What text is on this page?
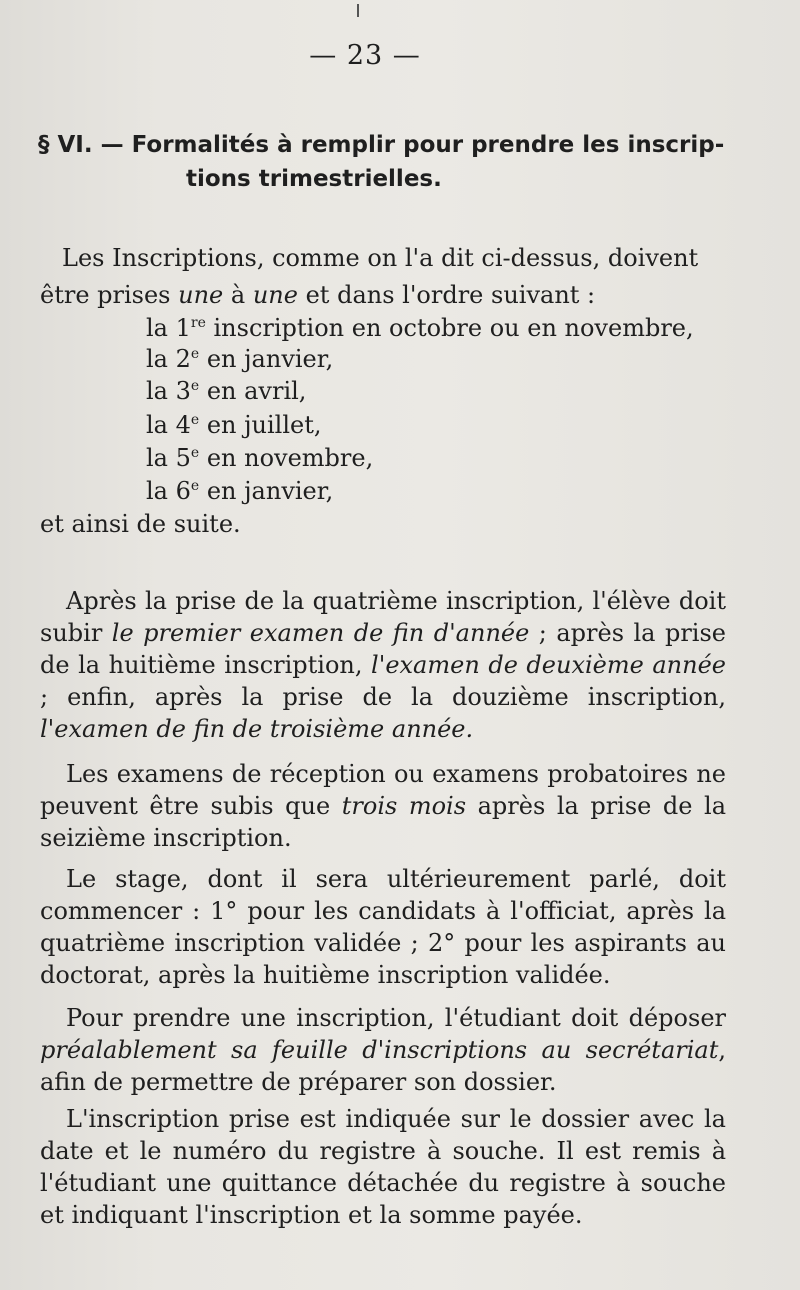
— 23 —
§ VI. — Formalités à remplir pour prendre les inscrip-
tions trimestrielles.
Les Inscriptions, comme on l'a dit ci-dessus, doivent
être prises une à une et dans l'ordre suivant :
la 1re inscription en octobre ou en novembre,
la 2e en janvier,
la 3e en avril,
la 4e en juillet,
la 5e en novembre,
la 6e en janvier,
et ainsi de suite.
Après la prise de la quatrième inscription, l'élève doit subir le premier examen de fin d'année ; après la prise de la huitième inscription, l'examen de deuxième année ; enfin, après la prise de la douzième inscription, l'examen de fin de troisième année.
Les examens de réception ou examens probatoires ne peuvent être subis que trois mois après la prise de la seizième inscription.
Le stage, dont il sera ultérieurement parlé, doit commencer : 1° pour les candidats à l'officiat, après la quatrième inscription validée ; 2° pour les aspirants au doctorat, après la huitième inscription validée.
Pour prendre une inscription, l'étudiant doit déposer préalablement sa feuille d'inscriptions au secrétariat, afin de permettre de préparer son dossier.
L'inscription prise est indiquée sur le dossier avec la date et le numéro du registre à souche. Il est remis à l'étudiant une quittance détachée du registre à souche et indiquant l'inscription et la somme payée.
